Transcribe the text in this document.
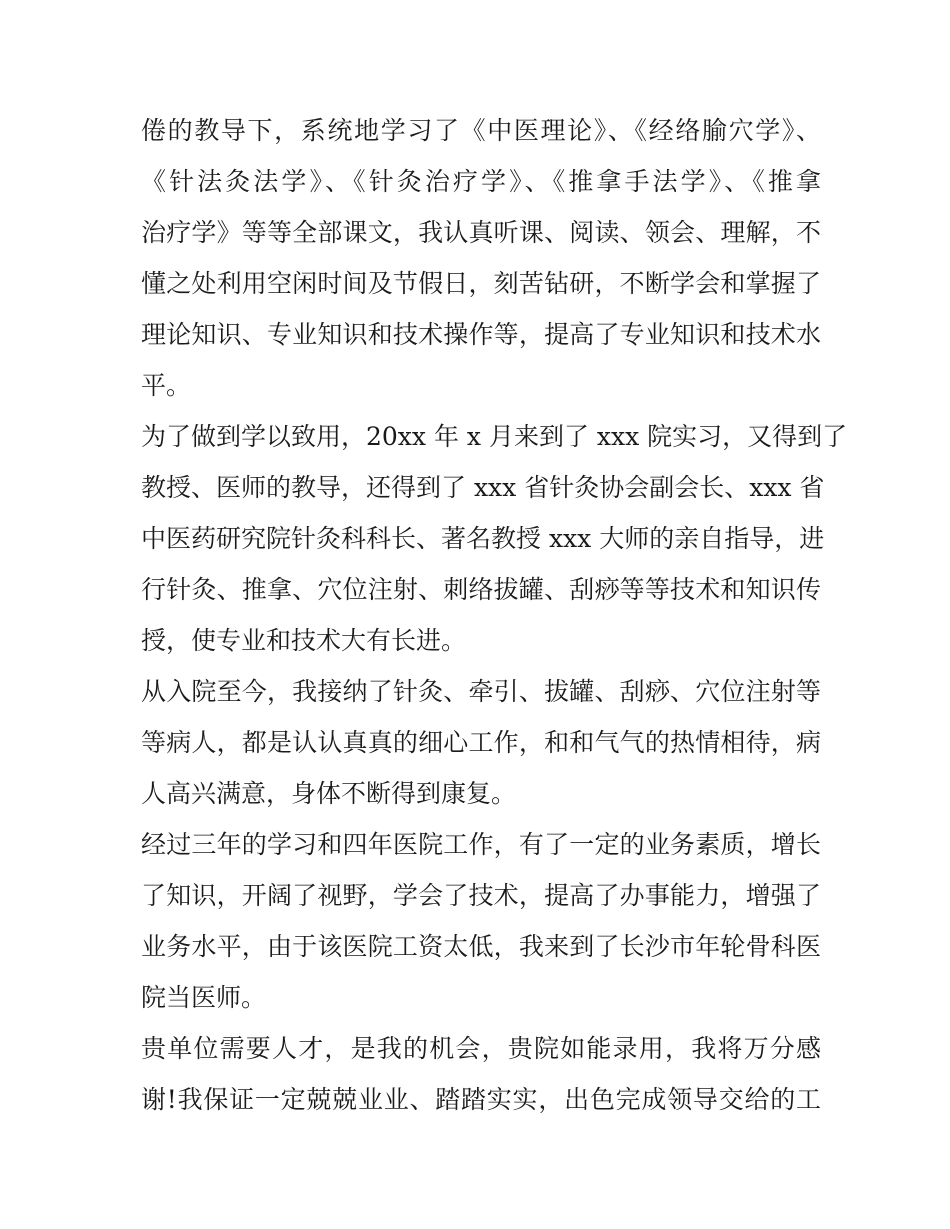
倦的教导下，系统地学习了《中医理论》、《经络腧穴学》、
《针法灸法学》、《针灸治疗学》、《推拿手法学》、《推拿
治疗学》等等全部课文，我认真听课、阅读、领会、理解，不
懂之处利用空闲时间及节假日，刻苦钻研，不断学会和掌握了
理论知识、专业知识和技术操作等，提高了专业知识和技术水
平。
为了做到学以致用，20xx 年 x 月来到了 xxx 院实习，又得到了
教授、医师的教导，还得到了 xxx 省针灸协会副会长、xxx 省
中医药研究院针灸科科长、著名教授 xxx 大师的亲自指导，进
行针灸、推拿、穴位注射、刺络拔罐、刮痧等等技术和知识传
授，使专业和技术大有长进。
从入院至今，我接纳了针灸、牵引、拔罐、刮痧、穴位注射等
等病人，都是认认真真的细心工作，和和气气的热情相待，病
人高兴满意，身体不断得到康复。
经过三年的学习和四年医院工作，有了一定的业务素质，增长
了知识，开阔了视野，学会了技术，提高了办事能力，增强了
业务水平，由于该医院工资太低，我来到了长沙市年轮骨科医
院当医师。
贵单位需要人才，是我的机会，贵院如能录用，我将万分感
谢!我保证一定兢兢业业、踏踏实实，出色完成领导交给的工
